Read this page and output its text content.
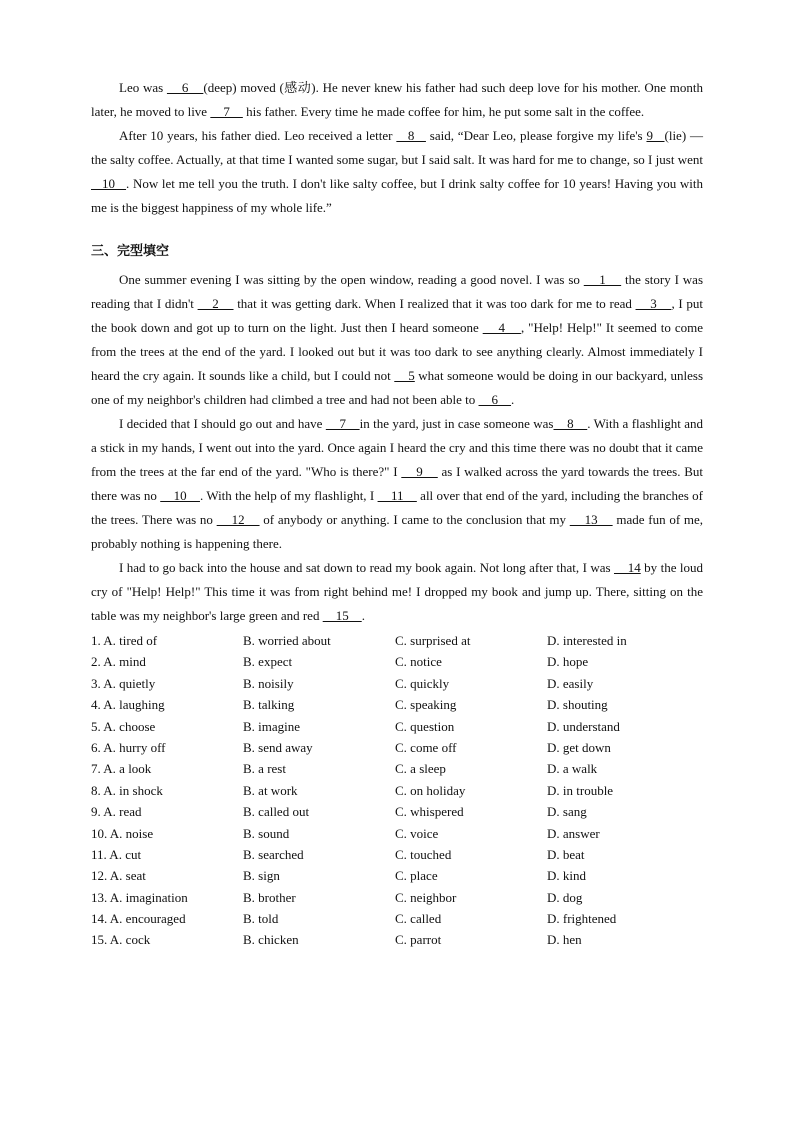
Leo was     6    (deep) moved (感动). He never knew his father had such deep love for his mother. One month later, he moved to live     7     his father. Every time he made coffee for him, he put some salt in the coffee.

After 10 years, his father died. Leo received a letter    8    said, “Dear Leo, please forgive my life's 9   (lie) — the salty coffee. Actually, at that time I wanted some sugar, but I said salt. It was hard for me to change, so I just went    10   . Now let me tell you the truth. I don't like salty coffee, but I drink salty coffee for 10 years! Having you with me is the biggest happiness of my whole life.”

三、完型填空

One summer evening I was sitting by the open window, reading a good novel. I was so     1     the story I was reading that I didn't     2     that it was getting dark. When I realized that it was too dark for me to read     3    , I put the book down and got up to turn on the light. Just then I heard someone     4    , "Help! Help!" It seemed to come from the trees at the end of the yard. I looked out but it was too dark to see anything clearly. Almost immediately I heard the cry again. It sounds like a child, but I could not     5 what someone would be doing in our backyard, unless one of my neighbor's children had climbed a tree and had not been able to     6    .

I decided that I should go out and have     7    in the yard, just in case someone was    8    . With a flashlight and a stick in my hands, I went out into the yard. Once again I heard the cry and this time there was no doubt that it came from the trees at the far end of the yard. "Who is there?" I     9     as I walked across the yard towards the trees. But there was no     10    . With the help of my flashlight, I     11     all over that end of the yard, including the branches of the trees. There was no     12     of anybody or anything. I came to the conclusion that my     13     made fun of me, probably nothing is happening there.

I had to go back into the house and sat down to read my book again. Not long after that, I was     14 by the loud cry of "Help! Help!" This time it was from right behind me! I dropped my book and jump up. There, sitting on the table was my neighbor's large green and red     15    .

1. A. tired of	B. worried about	C. surprised at	D. interested in
2. A. mind	B. expect	C. notice	D. hope
3. A. quietly	B. noisily	C. quickly	D. easily
4. A. laughing	B. talking	C. speaking	D. shouting
5. A. choose	B. imagine	C. question	D. understand
6. A. hurry off	B. send away	C. come off	D. get down
7. A. a look	B. a rest	C. a sleep	D. a walk
8. A. in shock	B. at work	C. on holiday	D. in trouble
9. A. read	B. called out	C. whispered	D. sang
10. A. noise	B. sound	C. voice	D. answer
11. A. cut	B. searched	C. touched	D. beat
12. A. seat	B. sign	C. place	D. kind
13. A. imagination	B. brother	C. neighbor	D. dog
14. A. encouraged	B. told	C. called	D. frightened
15. A. cock	B. chicken	C. parrot	D. hen
